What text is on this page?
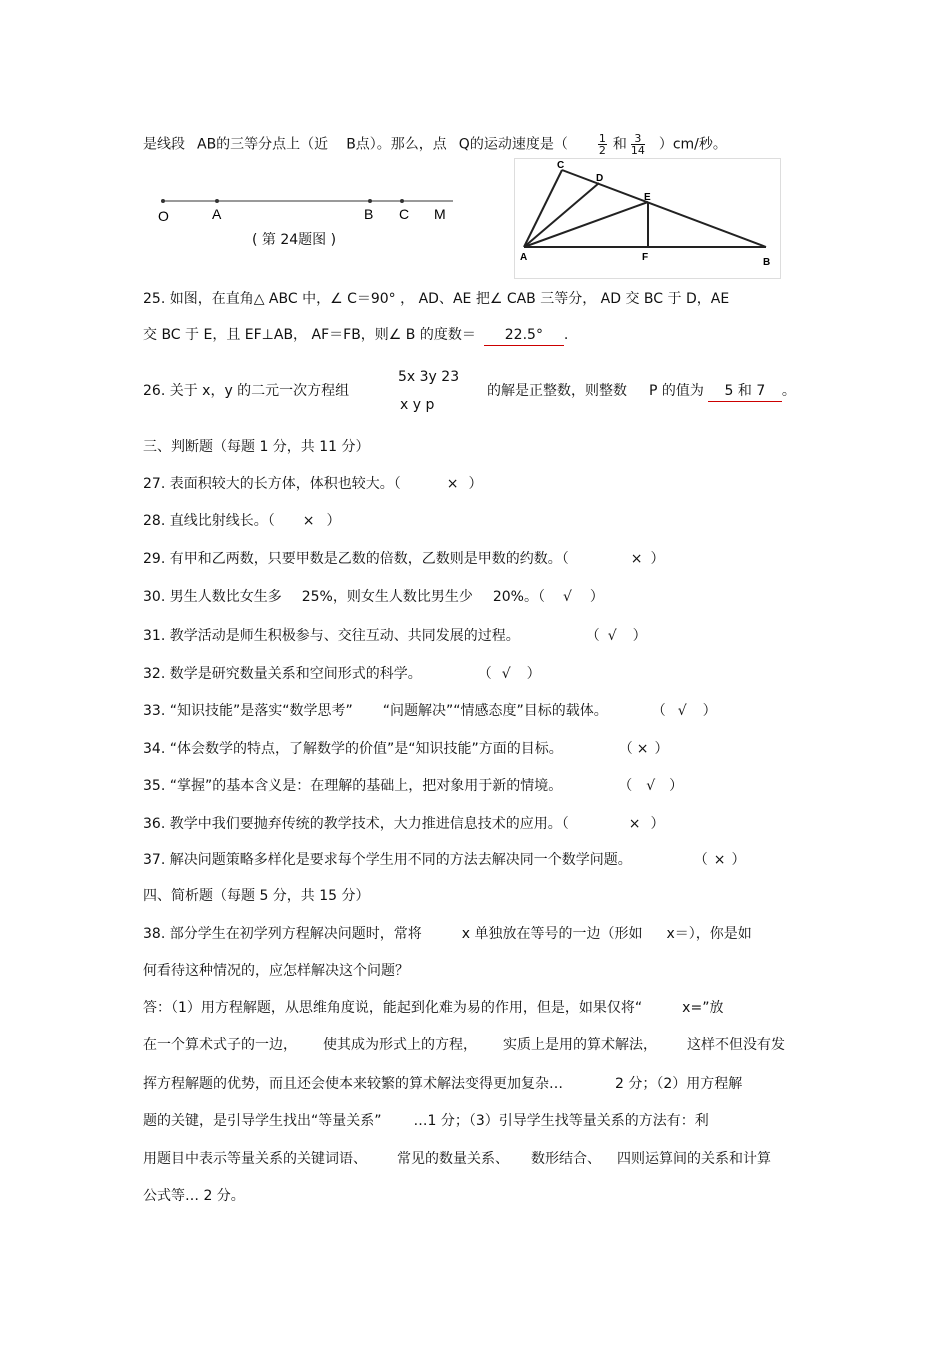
是线段 AB的三等分点上（近 B点）。那么，点 Q的运动速度是（	$\frac{1}{2}$ 和 $\frac{3}{14} )cm/$秒。
O	A	B C M
( 第 24题图 )
C
D
E
A	F	B
25. 如图，在直角△ ABC 中，∠ C＝90° ， AD、AE 把∠ CAB 三等分， AD 交 BC 于 D，AE
交 BC 于 E，且 EF⊥AB， AF＝FB，则∠ B 的度数＝ 22.5° .
26. 关于 x，y 的二元一次方程组
5x 3y 23
x y p
的解是正整数，则整数 P 的值为 5 和 7 。
三、判断题（每题 1 分，共 11 分）
27. 表面积较大的长方体，体积也较大。（	× ）
28. 直线比射线长。（ × ）
29. 有甲和乙两数，只要甲数是乙数的倍数，乙数则是甲数的约数。（	× ）
30. 男生人数比女生多 25%，则女生人数比男生少 20%。（ √ ）
31. 教学活动是师生积极参与、交往互动、共同发展的过程。	（ √ ）
32. 数学是研究数量关系和空间形式的科学。	（ √ ）
33. “知识技能”是落实“数学思考” “问题解决”“情感态度”目标的载体。	（ √ ）
34. “体会数学的特点，了解数学的价值”是“知识技能”方面的目标。	（ × ）
35. “掌握”的基本含义是：在理解的基础上，把对象用于新的情境。	（ √ ）
36. 教学中我们要抛弃传统的教学技术，大力推进信息技术的应用。（	× ）
37. 解决问题策略多样化是要求每个学生用不同的方法去解决同一个数学问题。	（ × ）
四、简析题（每题 5 分，共 15 分）
38. 部分学生在初学列方程解决问题时，常将	x 单独放在等号的一边（形如 x＝），你是如
何看待这种情况的，应怎样解决这个问题？
答：（1）用方程解题，从思维角度说，能起到化难为易的作用，但是，如果仅将“	x=”放
在一个算术式子的一边， 使其成为形式上的方程， 实质上是用的算术解法， 这样不但没有发
挥方程解题的优势，而且还会使本来较繁的算术解法变得更加复杂…	2 分；（2）用方程解
题的关键，是引导学生找出“等量关系” …1 分；（3）引导学生找等量关系的方法有：利
用题目中表示等量关系的关键词语、 常见的数量关系、 数形结合、 四则运算间的关系和计算
公式等… 2 分。
